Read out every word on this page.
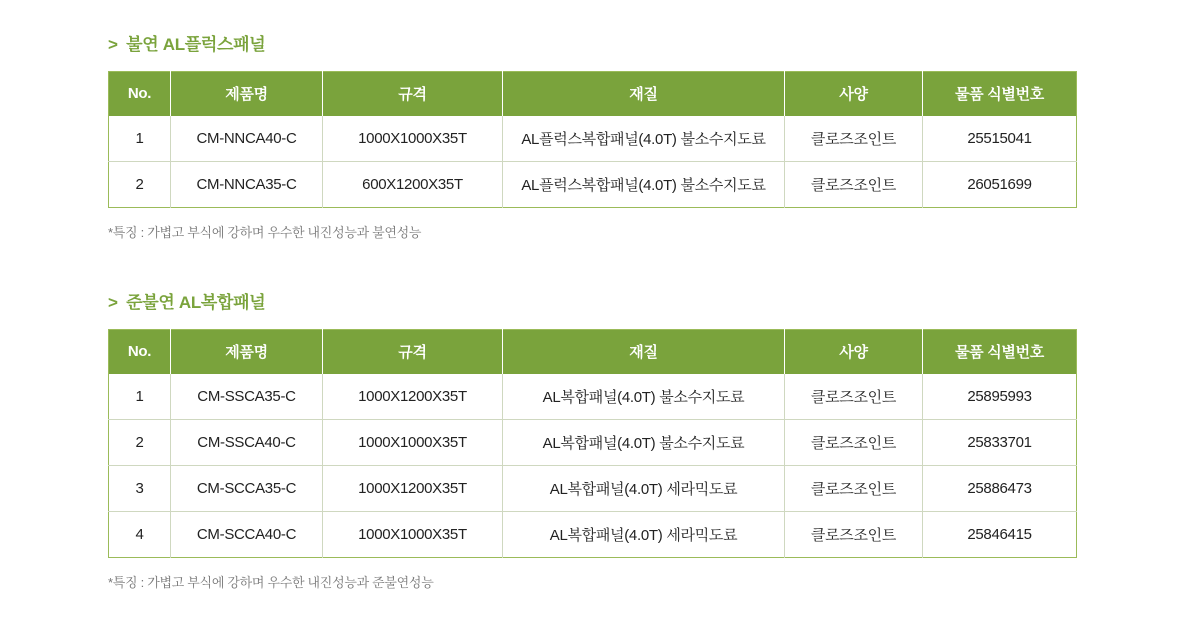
> 불연 AL플럭스패널
No.	제품명	규격	재질	사양	물품 식별번호
1	CM-NNCA40-C	1000X1000X35T	AL플럭스복합패널(4.0T) 불소수지도료	클로즈조인트	25515041
2	CM-NNCA35-C	600X1200X35T	AL플럭스복합패널(4.0T) 불소수지도료	클로즈조인트	26051699
*특징 : 가볍고 부식에 강하며 우수한 내진성능과 불연성능
> 준불연 AL복합패널
No.	제품명	규격	재질	사양	물품 식별번호
1	CM-SSCA35-C	1000X1200X35T	AL복합패널(4.0T) 불소수지도료	클로즈조인트	25895993
2	CM-SSCA40-C	1000X1000X35T	AL복합패널(4.0T) 불소수지도료	클로즈조인트	25833701
3	CM-SCCA35-C	1000X1200X35T	AL복합패널(4.0T) 세라믹도료	클로즈조인트	25886473
4	CM-SCCA40-C	1000X1000X35T	AL복합패널(4.0T) 세라믹도료	클로즈조인트	25846415
*특징 : 가볍고 부식에 강하며 우수한 내진성능과 준불연성능
